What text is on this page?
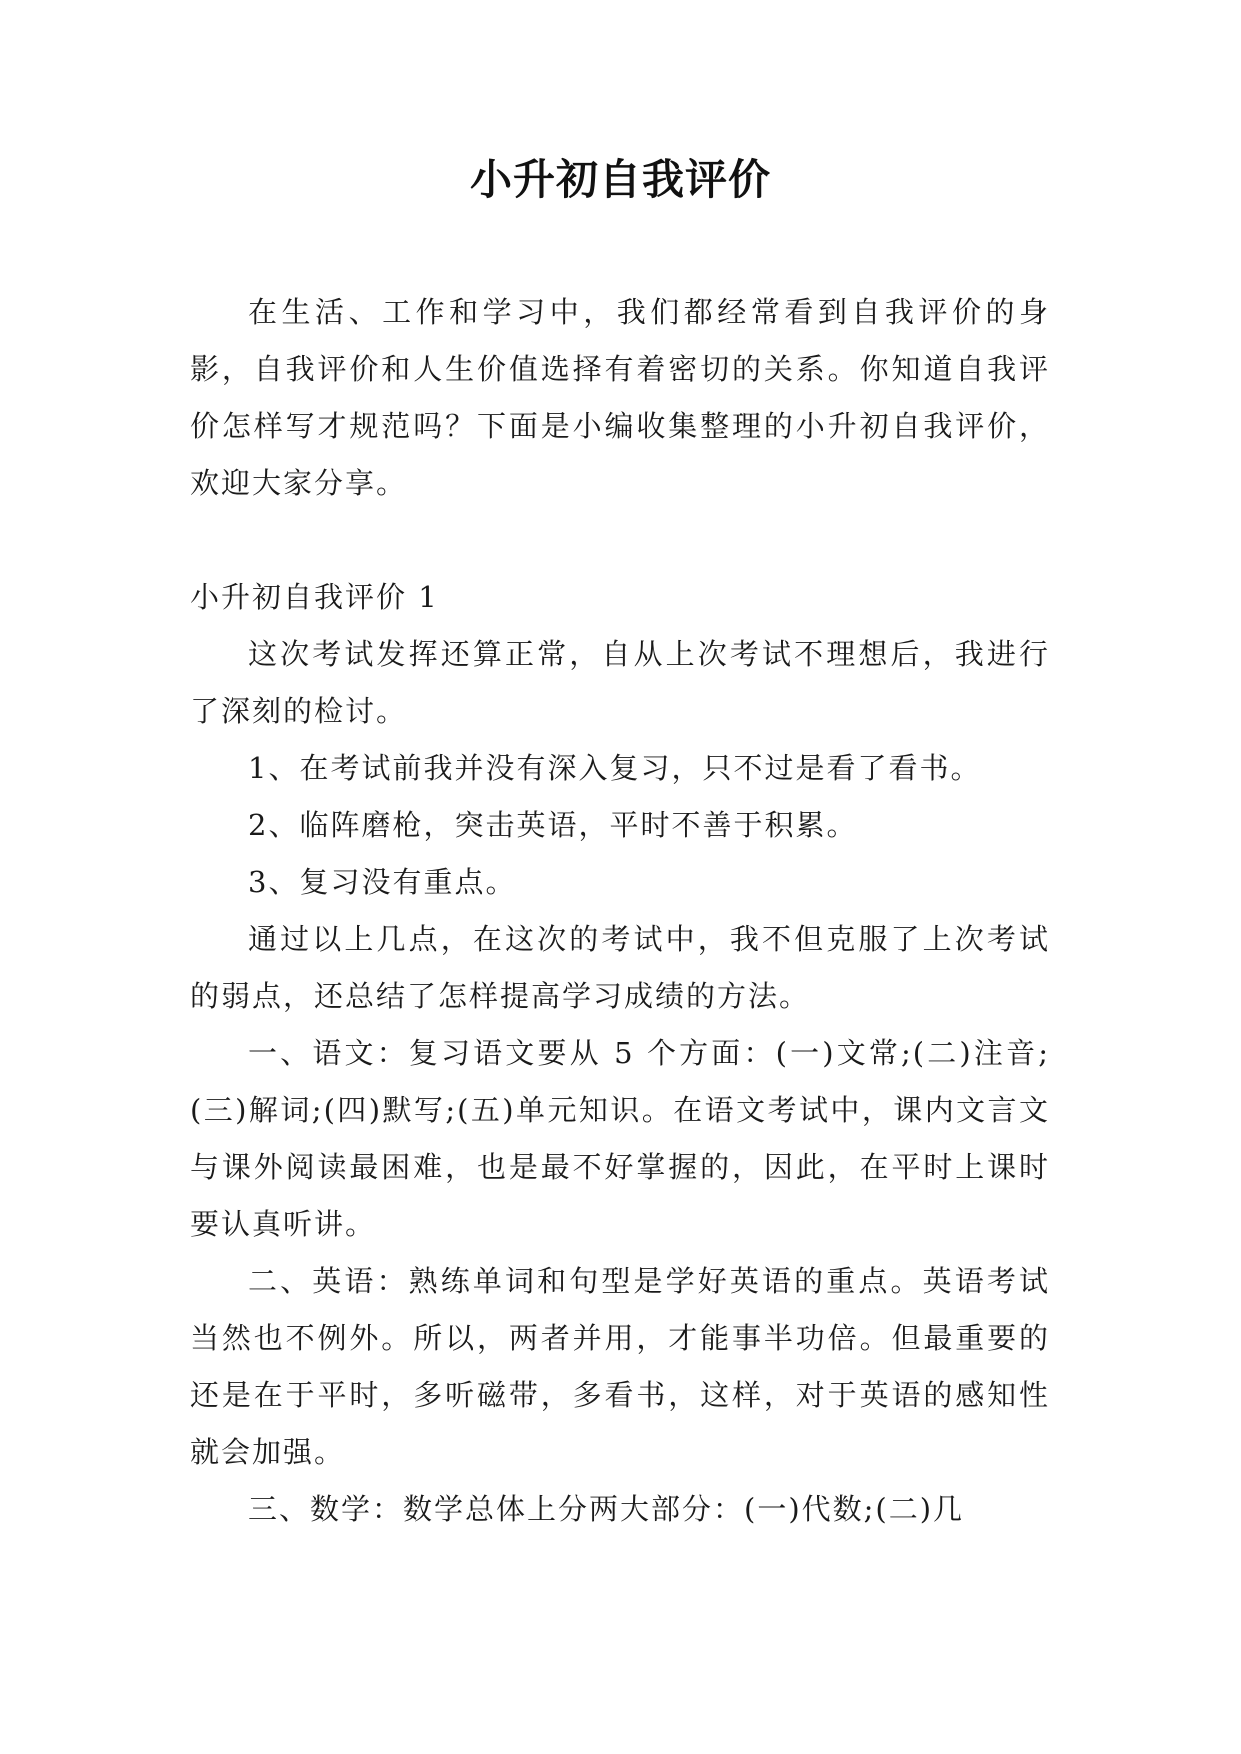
小升初自我评价

在生活、工作和学习中，我们都经常看到自我评价的身影，自我评价和人生价值选择有着密切的关系。你知道自我评价怎样写才规范吗？下面是小编收集整理的小升初自我评价，欢迎大家分享。

小升初自我评价 1

这次考试发挥还算正常，自从上次考试不理想后，我进行了深刻的检讨。

1、在考试前我并没有深入复习，只不过是看了看书。

2、临阵磨枪，突击英语，平时不善于积累。

3、复习没有重点。

通过以上几点，在这次的考试中，我不但克服了上次考试的弱点，还总结了怎样提高学习成绩的方法。

一、语文：复习语文要从 5 个方面：(一)文常;(二)注音;(三)解词;(四)默写;(五)单元知识。在语文考试中，课内文言文与课外阅读最困难，也是最不好掌握的，因此，在平时上课时要认真听讲。

二、英语：熟练单词和句型是学好英语的重点。英语考试当然也不例外。所以，两者并用，才能事半功倍。但最重要的还是在于平时，多听磁带，多看书，这样，对于英语的感知性就会加强。

三、数学：数学总体上分两大部分：(一)代数;(二)几
